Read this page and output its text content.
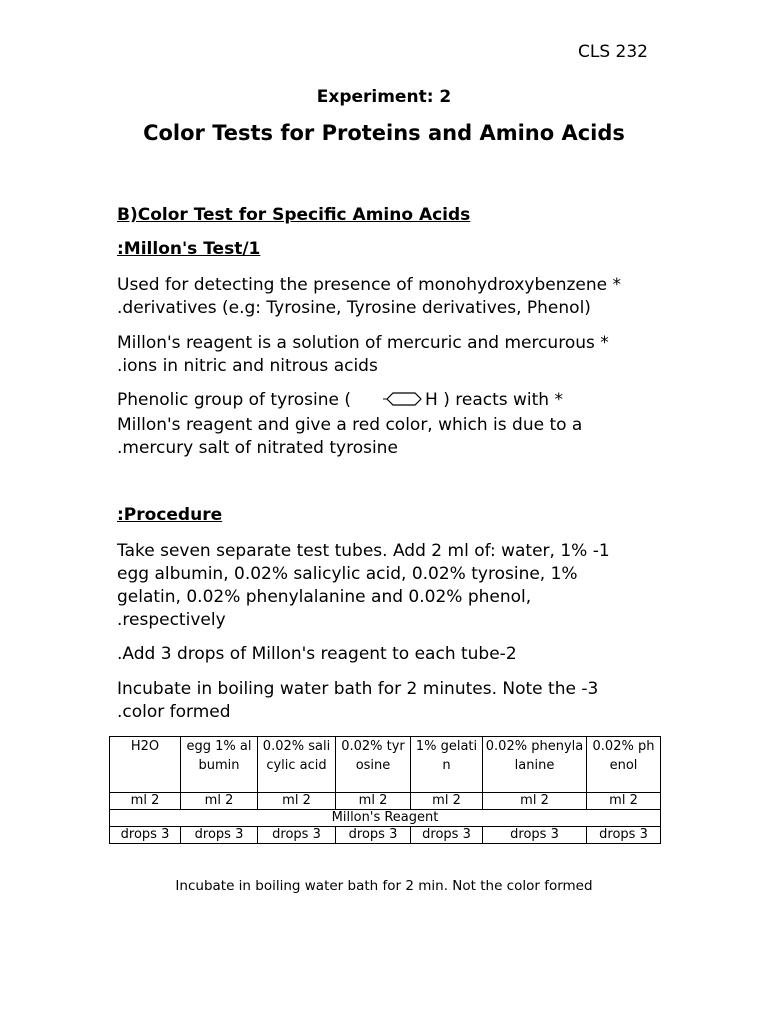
CLS 232
Experiment: 2
Color Tests for Proteins and Amino Acids
B)Color Test for Specific Amino Acids
:Millon's Test/1
Used for detecting the presence of monohydroxybenzene *
.derivatives (e.g: Tyrosine, Tyrosine derivatives, Phenol)
Millon's reagent is a solution of mercuric and mercurous *
.ions in nitric and nitrous acids
Phenolic group of tyrosine (	H ) reacts with *
Millon's reagent and give a red color, which is due to a
.mercury salt of nitrated tyrosine
:Procedure
Take seven separate test tubes. Add 2 ml of: water, 1% -1
egg albumin, 0.02% salicylic acid, 0.02% tyrosine, 1%
gelatin, 0.02% phenylalanine and 0.02% phenol,
.respectively
.Add 3 drops of Millon's reagent to each tube-2
Incubate in boiling water bath for 2 minutes. Note the -3
.color formed
H2O	egg 1% albumin	0.02% salicylic acid	0.02% tyrosine	1% gelatin	0.02% phenylalanine	0.02% phenol
ml 2	ml 2	ml 2	ml 2	ml 2	ml 2	ml 2
Millon's Reagent						
drops 3	drops 3	drops 3	drops 3	drops 3	drops 3	drops 3
Incubate in boiling water bath for 2 min. Not the color formed
